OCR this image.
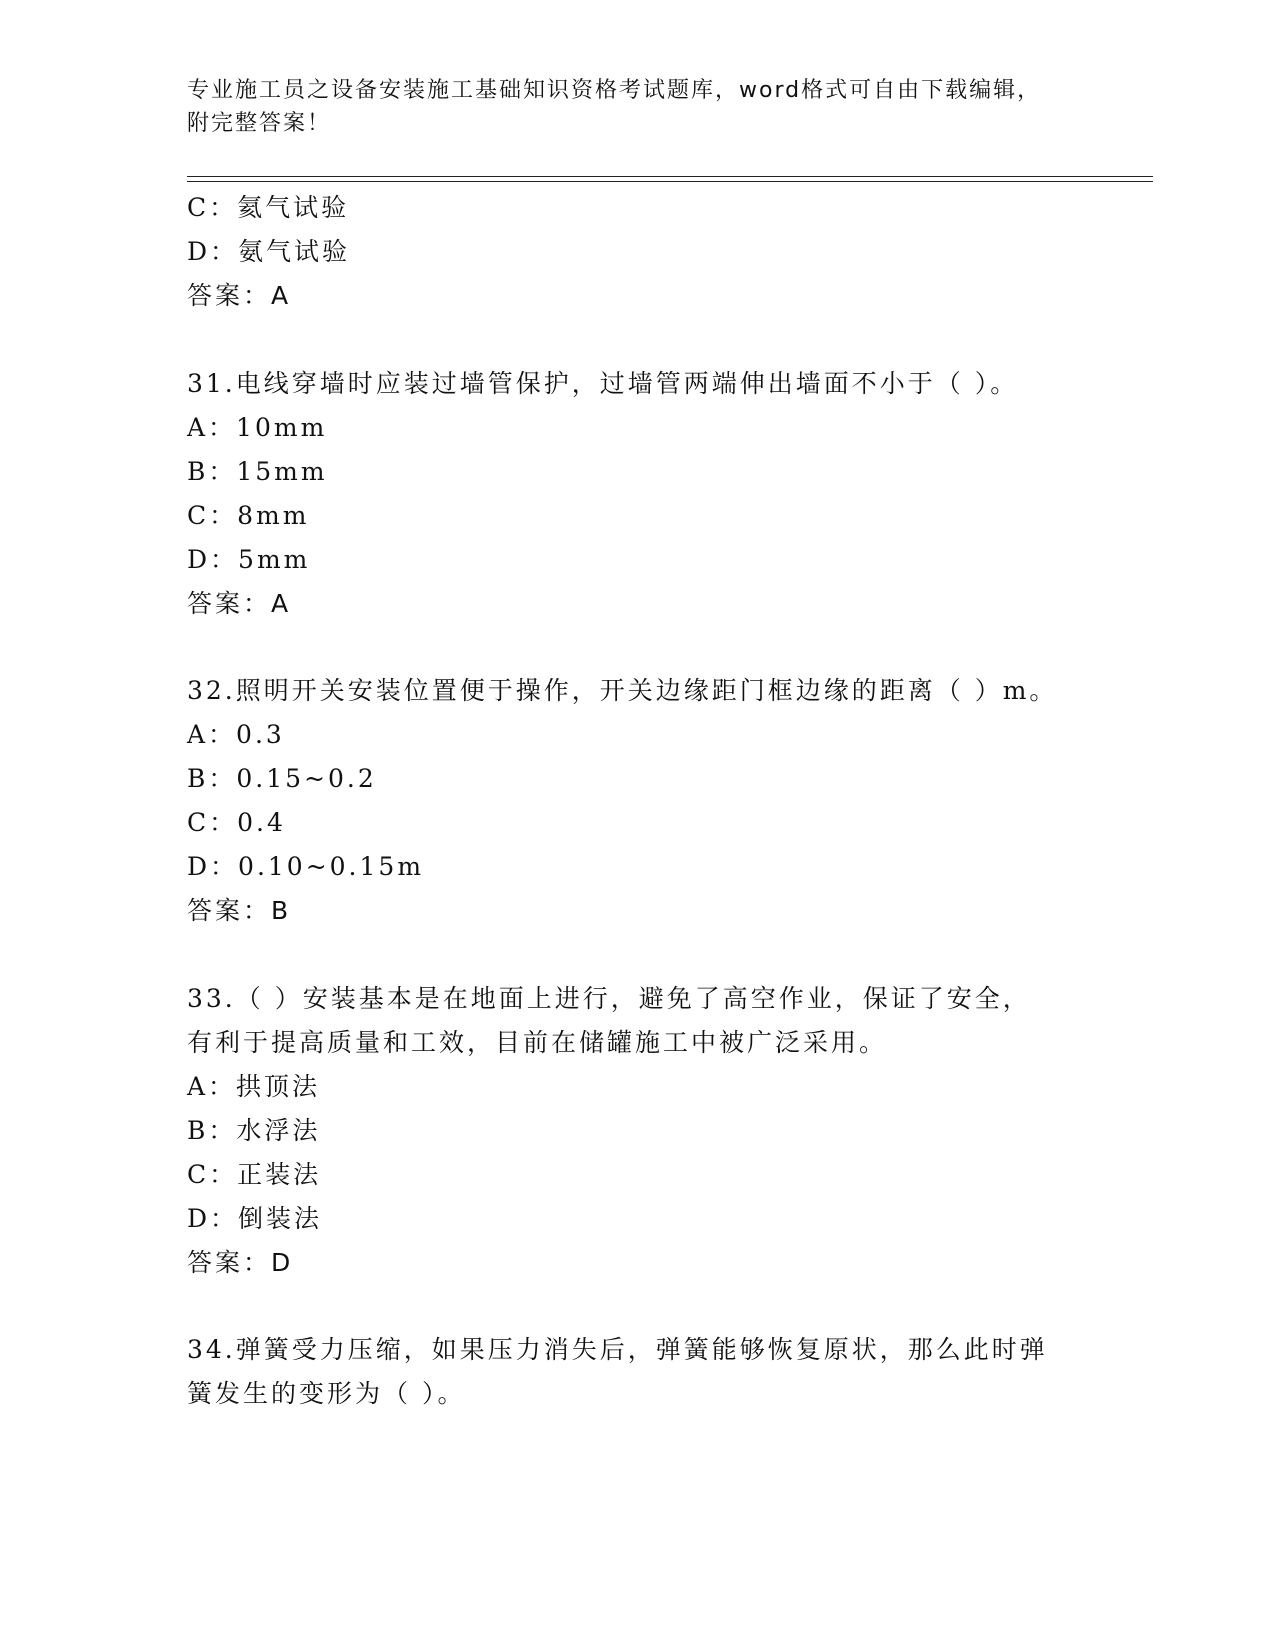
专业施工员之设备安装施工基础知识资格考试题库，word格式可自由下载编辑，
附完整答案！
C：氦气试验
D：氨气试验
答案：A
31.电线穿墙时应装过墙管保护，过墙管两端伸出墙面不小于（ ）。
A：10mm
B：15mm
C：8mm
D：5mm
答案：A
32.照明开关安装位置便于操作，开关边缘距门框边缘的距离（ ）m。
A：0.3
B：0.15~0.2
C：0.4
D：0.10~0.15m
答案：B
33.（ ）安装基本是在地面上进行，避免了高空作业，保证了安全，
有利于提高质量和工效，目前在储罐施工中被广泛采用。
A：拱顶法
B：水浮法
C：正装法
D：倒装法
答案：D
34.弹簧受力压缩，如果压力消失后，弹簧能够恢复原状，那么此时弹
簧发生的变形为（ ）。
